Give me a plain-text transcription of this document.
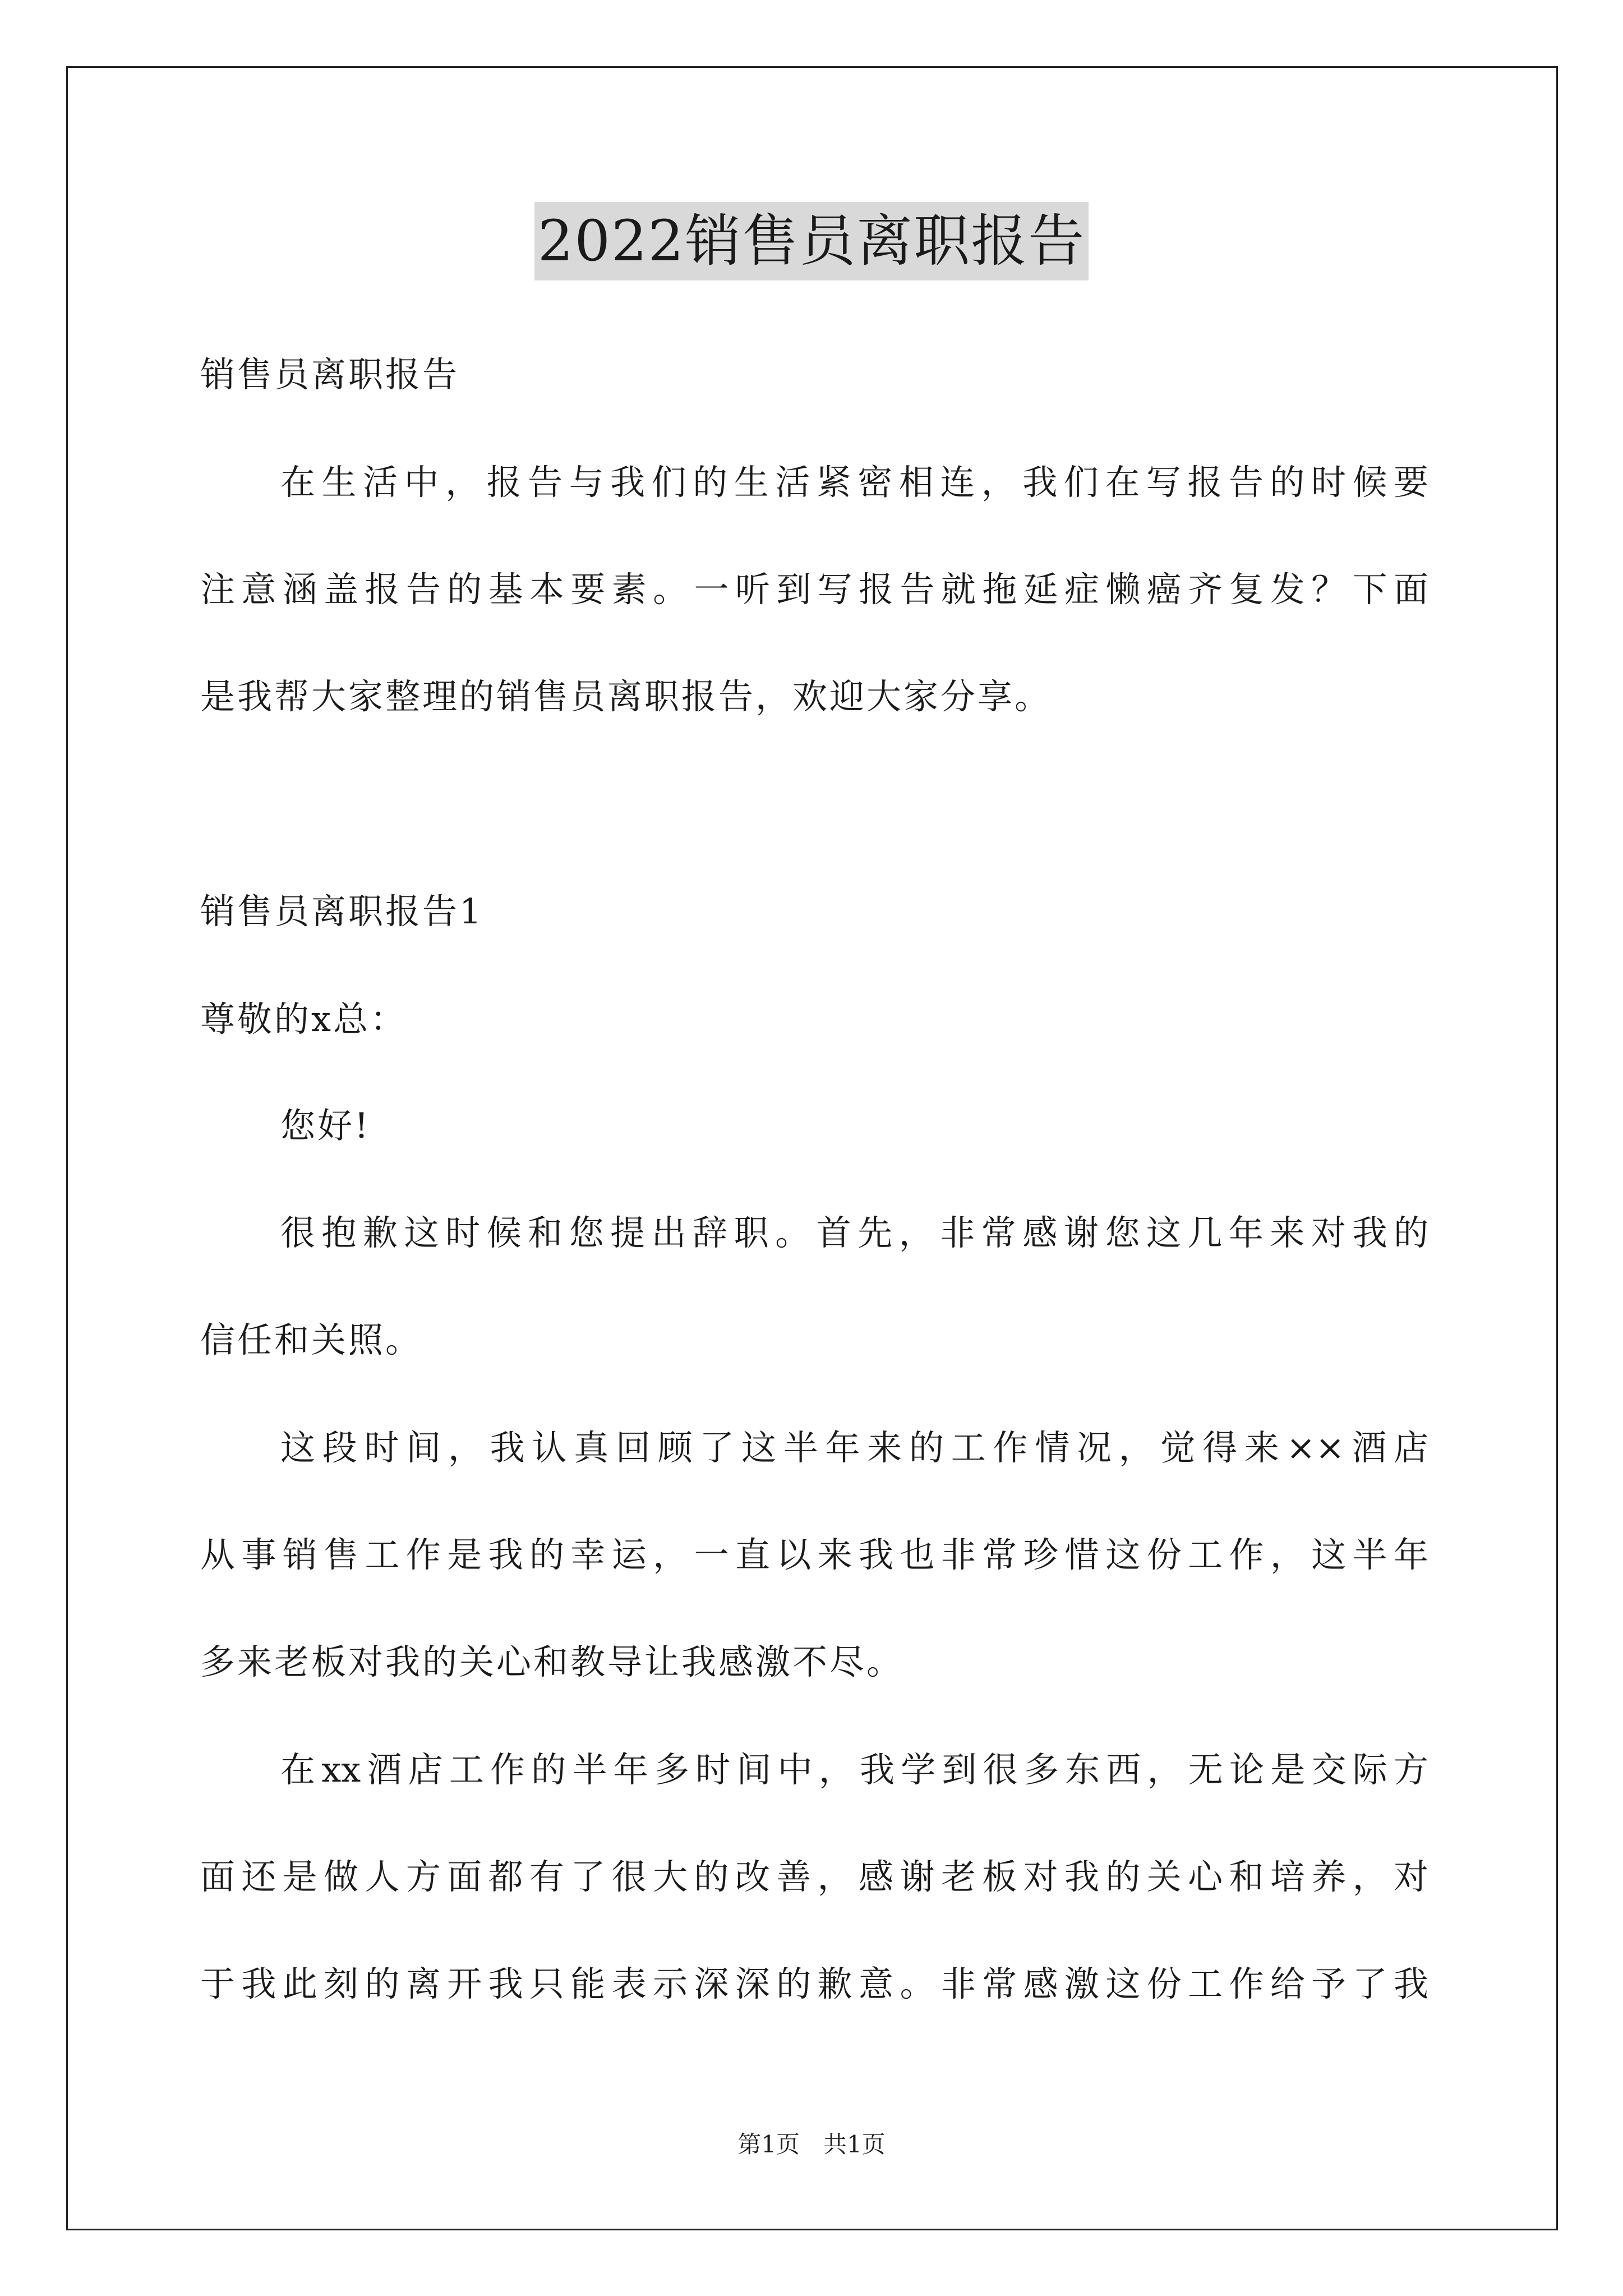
2022销售员离职报告
销售员离职报告
在生活中，报告与我们的生活紧密相连，我们在写报告的时候要
注意涵盖报告的基本要素。一听到写报告就拖延症懒癌齐复发？下面
是我帮大家整理的销售员离职报告，欢迎大家分享。
销售员离职报告1
尊敬的x总：
您好!
很抱歉这时候和您提出辞职。首先，非常感谢您这几年来对我的
信任和关照。
这段时间，我认真回顾了这半年来的工作情况，觉得来××酒店
从事销售工作是我的幸运，一直以来我也非常珍惜这份工作，这半年
多来老板对我的关心和教导让我感激不尽。
在xx酒店工作的半年多时间中，我学到很多东西，无论是交际方
面还是做人方面都有了很大的改善，感谢老板对我的关心和培养，对
于我此刻的离开我只能表示深深的歉意。非常感激这份工作给予了我
第1页　共1页
